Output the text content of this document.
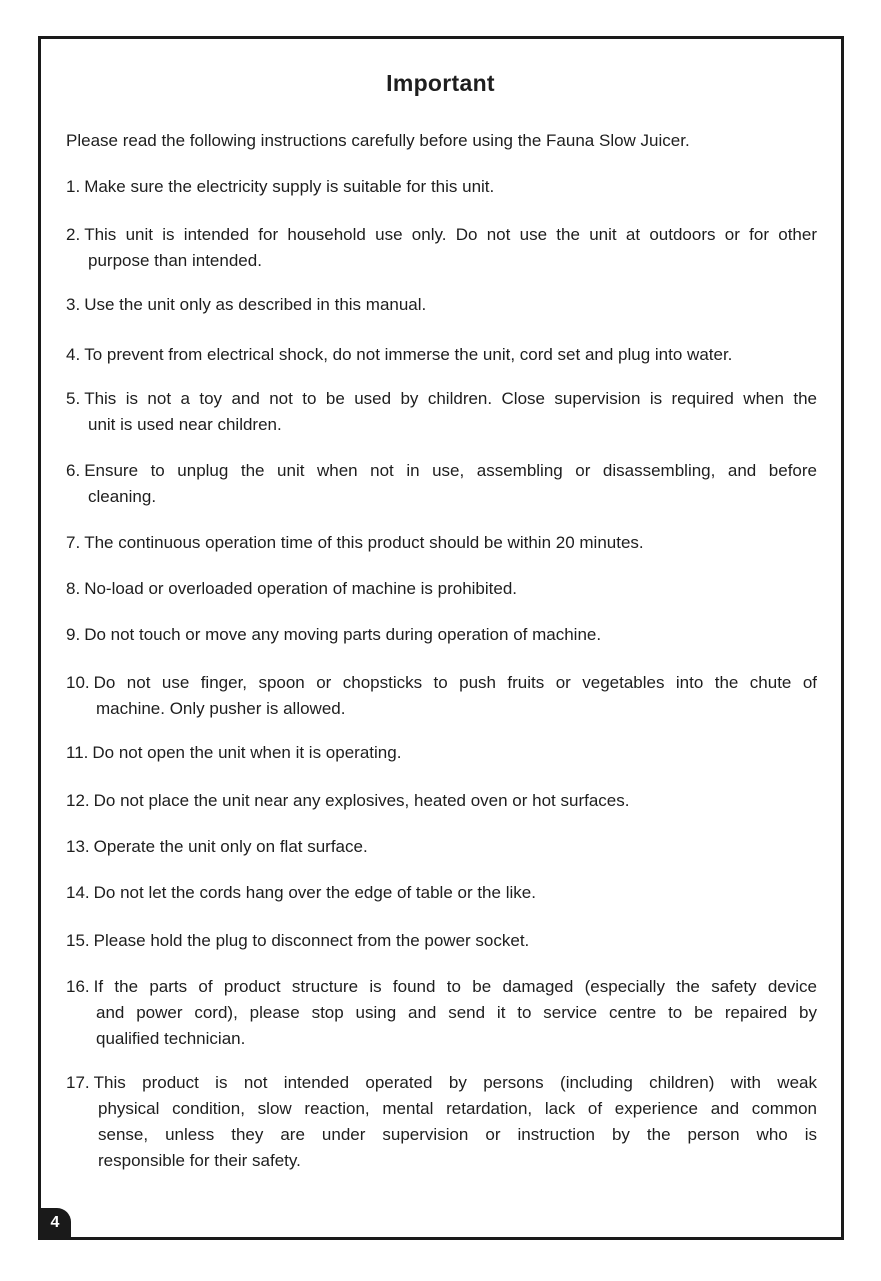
Important
Please read the following instructions carefully before using the Fauna Slow Juicer.
1. Make sure the electricity supply is suitable for this unit.
2. This unit is intended for household use only. Do not use the unit at outdoors or for other
purpose than intended.
3. Use the unit only as described in this manual.
4. To prevent from electrical shock, do not immerse the unit, cord set and plug into water.
5. This is not a toy and not to be used by children. Close supervision is required when the
unit is used near children.
6. Ensure to unplug the unit when not in use, assembling or disassembling, and before
cleaning.
7. The continuous operation time of this product should be within 20 minutes.
8. No-load or overloaded operation of machine is prohibited.
9. Do not touch or move any moving parts during operation of machine.
10. Do not use finger, spoon or chopsticks to push fruits or vegetables into the chute of
machine. Only pusher is allowed.
11. Do not open the unit when it is operating.
12. Do not place the unit near any explosives, heated oven or hot surfaces.
13. Operate the unit only on flat surface.
14. Do not let the cords hang over the edge of table or the like.
15. Please hold the plug to disconnect from the power socket.
16. If the parts of product structure is found to be damaged (especially the safety device
and power cord), please stop using and send it to service centre to be repaired by
qualified technician.
17. This product is not intended operated by persons (including children) with weak
physical condition, slow reaction, mental retardation, lack of experience and common
sense, unless they are under supervision or instruction by the person who is
responsible for their safety.
4
